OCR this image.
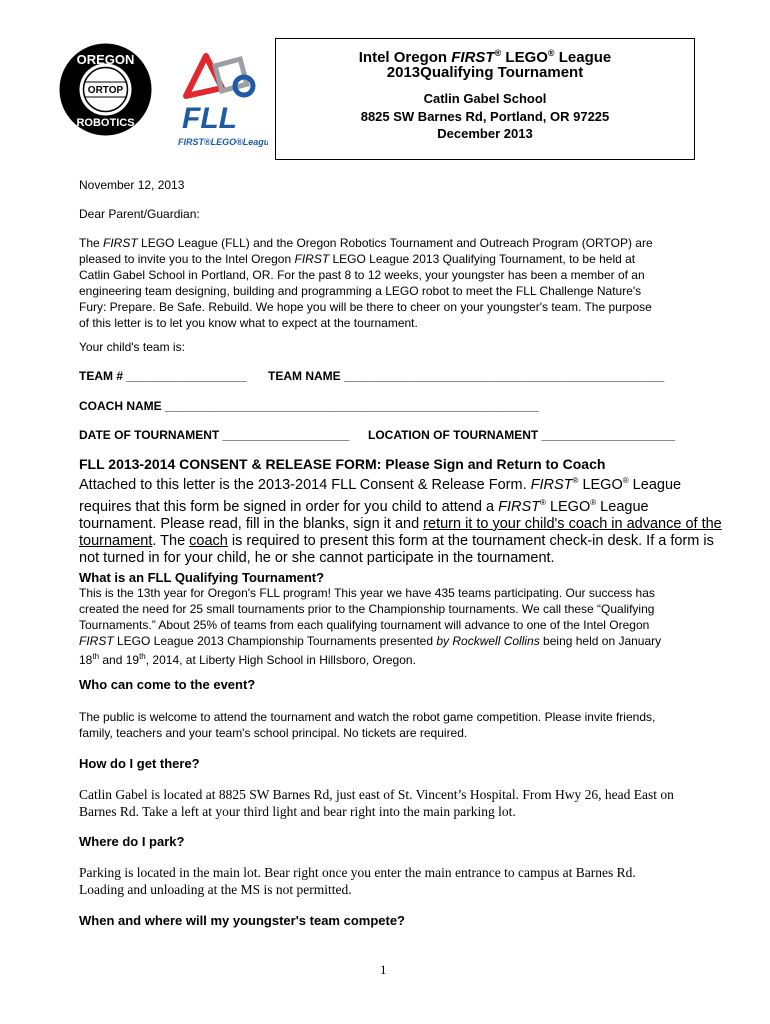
OREGON
ORTOP
ROBOTICS FLL
FIRST®LEGO®League
Intel Oregon FIRST® LEGO® League
2013Qualifying Tournament
Catlin Gabel School
8825 SW Barnes Rd, Portland, OR 97225
December 2013
November 12, 2013
Dear Parent/Guardian:
The FIRST LEGO League (FLL) and the Oregon Robotics Tournament and Outreach Program (ORTOP) are
pleased to invite you to the Intel Oregon FIRST LEGO League 2013 Qualifying Tournament, to be held at
Catlin Gabel School in Portland, OR. For the past 8 to 12 weeks, your youngster has been a member of an
engineering team designing, building and programming a LEGO robot to meet the FLL Challenge Nature's
Fury: Prepare. Be Safe. Rebuild. We hope you will be there to cheer on your youngster's team. The purpose
of this letter is to let you know what to expect at the tournament.
Your child's team is:
TEAM # __________________ TEAM NAME ________________________________________________
COACH NAME ________________________________________________________
DATE OF TOURNAMENT ___________________ LOCATION OF TOURNAMENT ____________________
FLL 2013-2014 CONSENT & RELEASE FORM: Please Sign and Return to Coach
Attached to this letter is the 2013-2014 FLL Consent & Release Form. FIRST® LEGO® League
requires that this form be signed in order for you child to attend a FIRST® LEGO® League
tournament. Please read, fill in the blanks, sign it and return it to your child's coach in advance of the
tournament. The coach is required to present this form at the tournament check-in desk. If a form is
not turned in for your child, he or she cannot participate in the tournament.
What is an FLL Qualifying Tournament?
This is the 13th year for Oregon's FLL program! This year we have 435 teams participating. Our success has
created the need for 25 small tournaments prior to the Championship tournaments. We call these “Qualifying
Tournaments.” About 25% of teams from each qualifying tournament will advance to one of the Intel Oregon
FIRST LEGO League 2013 Championship Tournaments presented by Rockwell Collins being held on January
18th and 19th, 2014, at Liberty High School in Hillsboro, Oregon.
Who can come to the event?
The public is welcome to attend the tournament and watch the robot game competition. Please invite friends,
family, teachers and your team's school principal. No tickets are required.
How do I get there?
Catlin Gabel is located at 8825 SW Barnes Rd, just east of St. Vincent’s Hospital. From Hwy 26, head East on
Barnes Rd. Take a left at your third light and bear right into the main parking lot.
Where do I park?
Parking is located in the main lot. Bear right once you enter the main entrance to campus at Barnes Rd.
Loading and unloading at the MS is not permitted.
When and where will my youngster's team compete?
1
